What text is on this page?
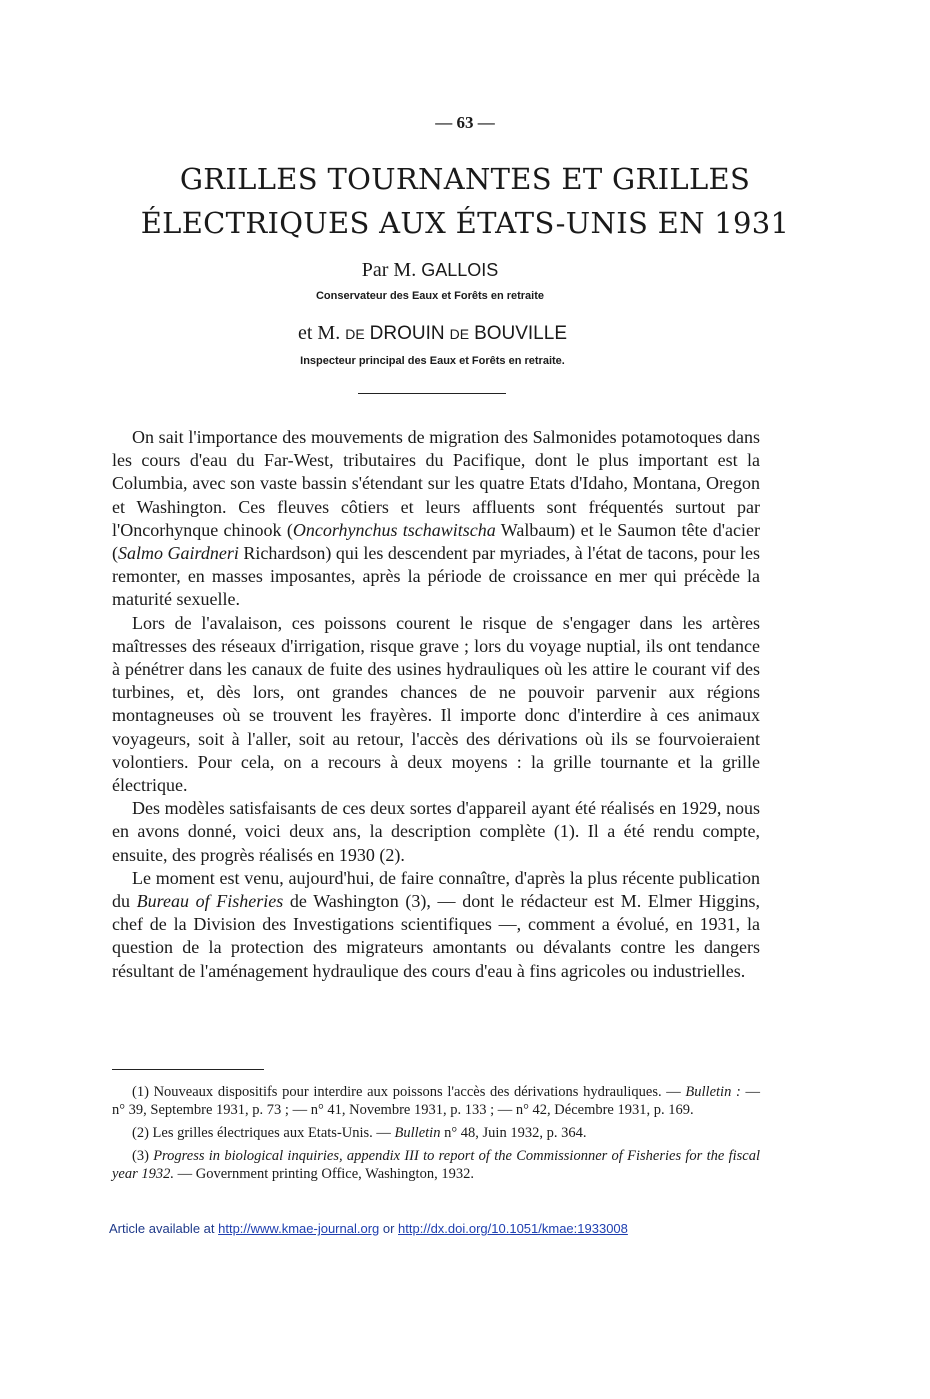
— 63 —
GRILLES TOURNANTES ET GRILLES
ÉLECTRIQUES AUX ÉTATS-UNIS EN 1931
Par M. GALLOIS
Conservateur des Eaux et Forêts en retraite
et M. DE DROUIN DE BOUVILLE
Inspecteur principal des Eaux et Forêts en retraite.

On sait l'importance des mouvements de migration des Salmonides potamotoques dans les cours d'eau du Far-West, tributaires du Pacifique, dont le plus important est la Columbia, avec son vaste bassin s'étendant sur les quatre Etats d'Idaho, Montana, Oregon et Washington. Ces fleuves côtiers et leurs affluents sont fréquentés surtout par l'Oncorhynque chinook (Oncorhynchus tschawitscha Walbaum) et le Saumon tête d'acier (Salmo Gairdneri Richardson) qui les descendent par myriades, à l'état de tacons, pour les remonter, en masses imposantes, après la période de croissance en mer qui précède la maturité sexuelle.

Lors de l'avalaison, ces poissons courent le risque de s'engager dans les artères maîtresses des réseaux d'irrigation, risque grave ; lors du voyage nuptial, ils ont tendance à pénétrer dans les canaux de fuite des usines hydrauliques où les attire le courant vif des turbines, et, dès lors, ont grandes chances de ne pouvoir parvenir aux régions montagneuses où se trouvent les frayères. Il importe donc d'interdire à ces animaux voyageurs, soit à l'aller, soit au retour, l'accès des dérivations où ils se fourvoieraient volontiers. Pour cela, on a recours à deux moyens : la grille tournante et la grille électrique.

Des modèles satisfaisants de ces deux sortes d'appareil ayant été réalisés en 1929, nous en avons donné, voici deux ans, la description complète (1). Il a été rendu compte, ensuite, des progrès réalisés en 1930 (2).

Le moment est venu, aujourd'hui, de faire connaître, d'après la plus récente publication du Bureau of Fisheries de Washington (3), — dont le rédacteur est M. Elmer Higgins, chef de la Division des Investigations scientifiques —, comment a évolué, en 1931, la question de la protection des migrateurs amontants ou dévalants contre les dangers résultant de l'aménagement hydraulique des cours d'eau à fins agricoles ou industrielles.

(1) Nouveaux dispositifs pour interdire aux poissons l'accès des dérivations hydrauliques. — Bulletin : — n° 39, Septembre 1931, p. 73 ; — n° 41, Novembre 1931, p. 133 ; — n° 42, Décembre 1931, p. 169.

(2) Les grilles électriques aux Etats-Unis. — Bulletin n° 48, Juin 1932, p. 364.

(3) Progress in biological inquiries, appendix III to report of the Commissionner of Fisheries for the fiscal year 1932. — Government printing Office, Washington, 1932.

Article available at http://www.kmae-journal.org or http://dx.doi.org/10.1051/kmae:1933008
